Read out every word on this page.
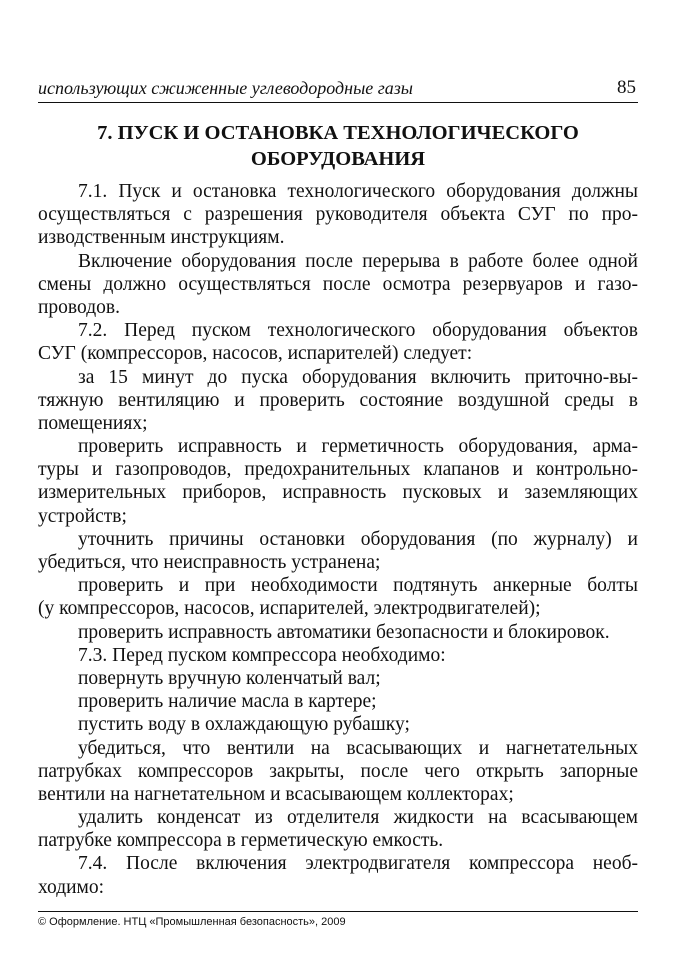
использующих сжиженные углеводородные газы	85
7. ПУСК И ОСТАНОВКА ТЕХНОЛОГИЧЕСКОГО
ОБОРУДОВАНИЯ
7.1. Пуск и остановка технологического оборудования должны
осуществляться с разрешения руководителя объекта СУГ по про-
изводственным инструкциям.
Включение оборудования после перерыва в работе более одной
смены должно осуществляться после осмотра резервуаров и газо-
проводов.
7.2. Перед пуском технологического оборудования объектов
СУГ (компрессоров, насосов, испарителей) следует:
за 15 минут до пуска оборудования включить приточно-вы-
тяжную вентиляцию и проверить состояние воздушной среды в
помещениях;
проверить исправность и герметичность оборудования, арма-
туры и газопроводов, предохранительных клапанов и контрольно-
измерительных приборов, исправность пусковых и заземляющих
устройств;
уточнить причины остановки оборудования (по журналу) и
убедиться, что неисправность устранена;
проверить и при необходимости подтянуть анкерные болты
(у компрессоров, насосов, испарителей, электродвигателей);
проверить исправность автоматики безопасности и блокировок.
7.3. Перед пуском компрессора необходимо:
повернуть вручную коленчатый вал;
проверить наличие масла в картере;
пустить воду в охлаждающую рубашку;
убедиться, что вентили на всасывающих и нагнетательных
патрубках компрессоров закрыты, после чего открыть запорные
вентили на нагнетательном и всасывающем коллекторах;
удалить конденсат из отделителя жидкости на всасывающем
патрубке компрессора в герметическую емкость.
7.4. После включения электродвигателя компрессора необ-
ходимо:
© Оформление. НТЦ «Промышленная безопасность», 2009
